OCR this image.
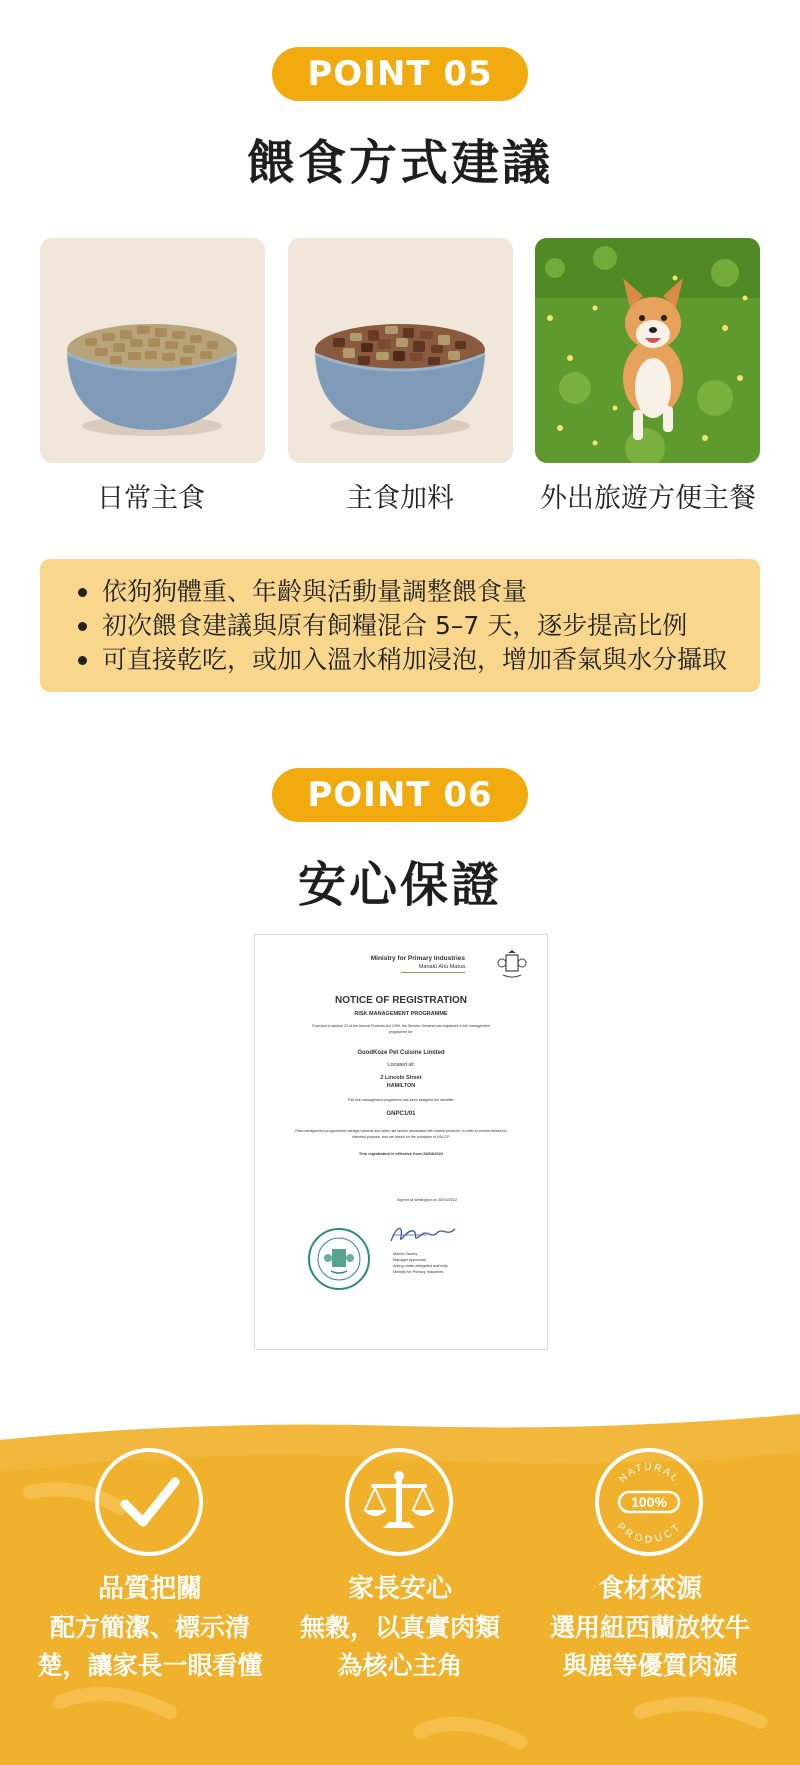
POINT 05
餵食方式建議
日常主食	主食加料	外出旅遊方便主餐
依狗狗體重、年齡與活動量調整餵食量
初次餵食建議與原有飼糧混合 5–7 天，逐步提高比例
可直接乾吃，或加入溫水稍加浸泡，增加香氣與水分攝取
POINT 06
安心保證
Ministry for Primary Industries
Manatū Ahu Matua
NOTICE OF REGISTRATION
RISK MANAGEMENT PROGRAMME
Pursuant to section 22 of the Animal Products Act 1999, the Director-General has registered a risk management programme for:
GoodKoze Pet Cuisine Limited
Located at:
2 Lincoln Street
HAMILTON
This risk management programme has been assigned the identifier:
GNPC1/01
Risk management programmes manage hazards and other risk factors associated with animal products, in order to ensure fitness for intended purpose, and are based on the principles of HACCP.
This registration is effective from 28/03/2022
Signed at Wellington on 28/03/2022
Marine Zachry
Manager Approvals
Acting under delegated authority
Ministry for Primary Industries
品質把關
配方簡潔、標示清
楚，讓家長一眼看懂
家長安心
無穀，以真實肉類
為核心主角
100%
NATURAL
PRODUCT
食材來源
選用紐西蘭放牧牛
與鹿等優質肉源
